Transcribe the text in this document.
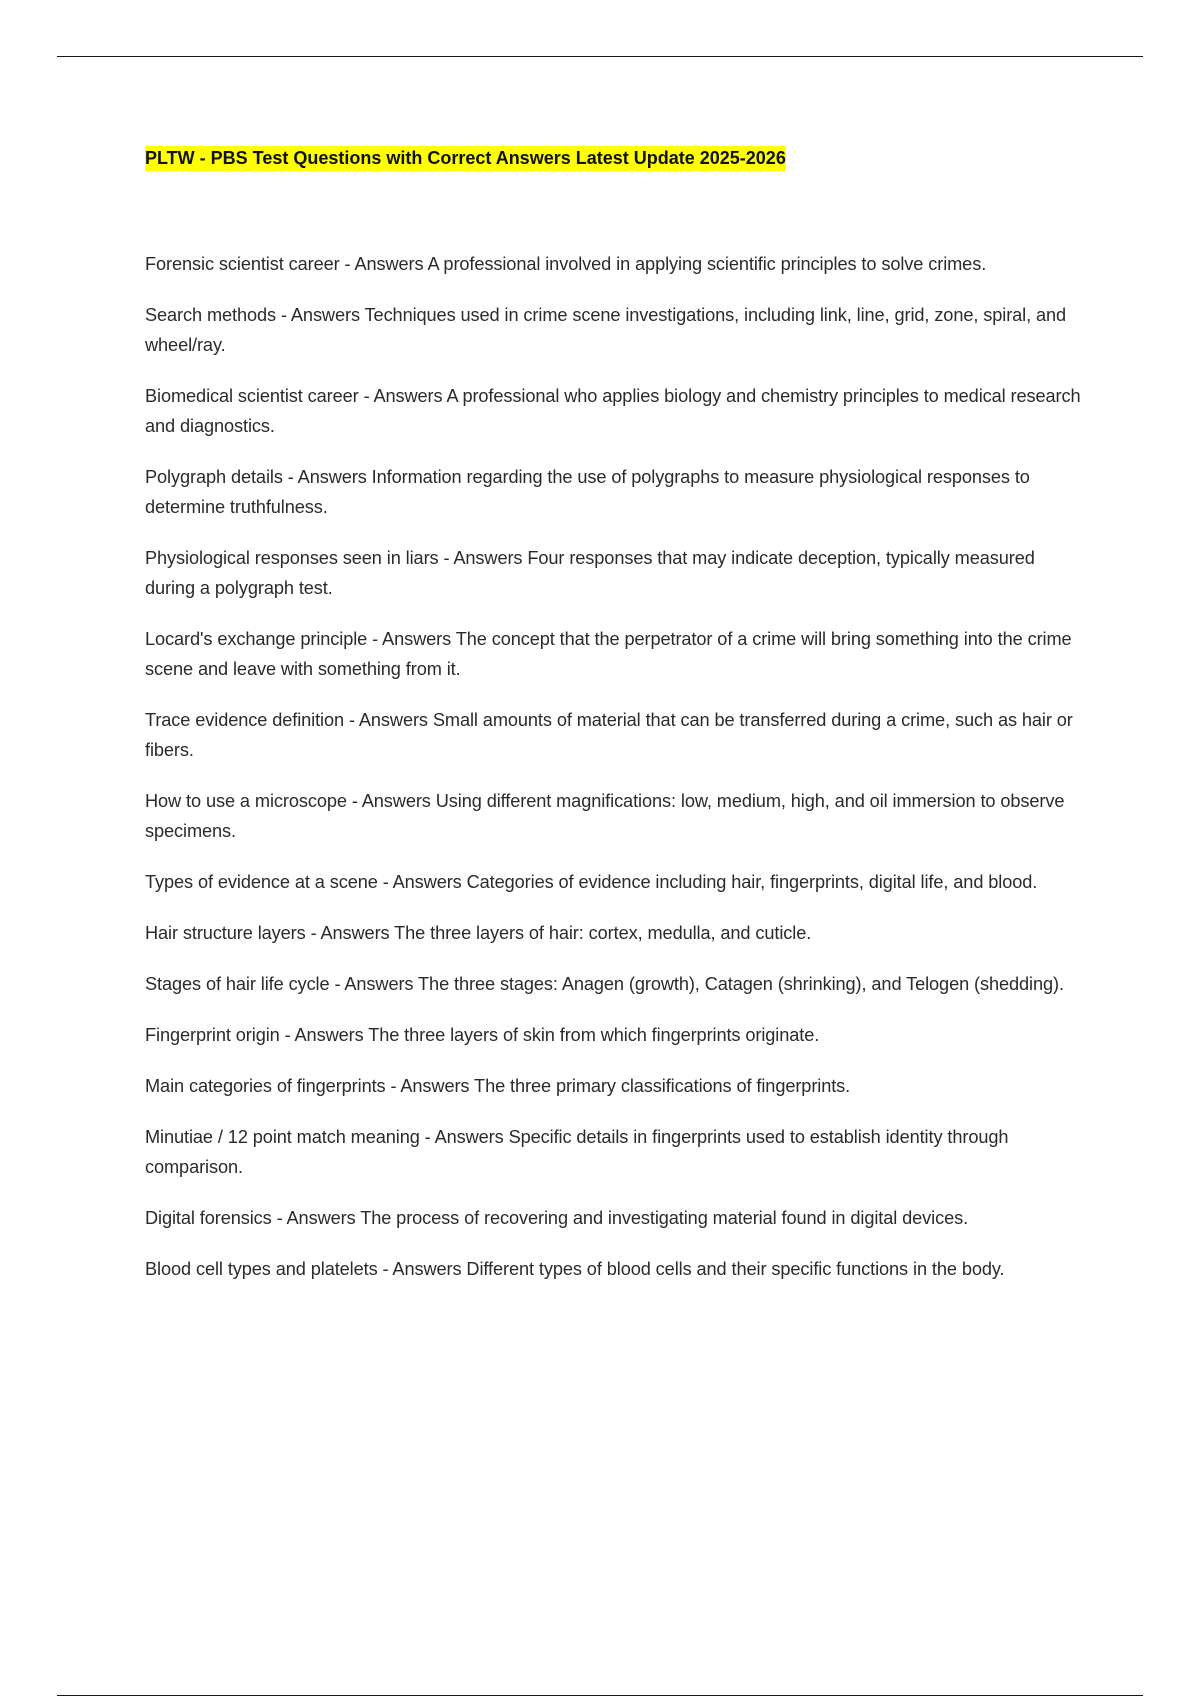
PLTW - PBS Test Questions with Correct Answers Latest Update 2025-2026
Forensic scientist career - Answers A professional involved in applying scientific principles to solve crimes.
Search methods - Answers Techniques used in crime scene investigations, including link, line, grid, zone, spiral, and wheel/ray.
Biomedical scientist career - Answers A professional who applies biology and chemistry principles to medical research and diagnostics.
Polygraph details - Answers Information regarding the use of polygraphs to measure physiological responses to determine truthfulness.
Physiological responses seen in liars - Answers Four responses that may indicate deception, typically measured during a polygraph test.
Locard's exchange principle - Answers The concept that the perpetrator of a crime will bring something into the crime scene and leave with something from it.
Trace evidence definition - Answers Small amounts of material that can be transferred during a crime, such as hair or fibers.
How to use a microscope - Answers Using different magnifications: low, medium, high, and oil immersion to observe specimens.
Types of evidence at a scene - Answers Categories of evidence including hair, fingerprints, digital life, and blood.
Hair structure layers - Answers The three layers of hair: cortex, medulla, and cuticle.
Stages of hair life cycle - Answers The three stages: Anagen (growth), Catagen (shrinking), and Telogen (shedding).
Fingerprint origin - Answers The three layers of skin from which fingerprints originate.
Main categories of fingerprints - Answers The three primary classifications of fingerprints.
Minutiae / 12 point match meaning - Answers Specific details in fingerprints used to establish identity through comparison.
Digital forensics - Answers The process of recovering and investigating material found in digital devices.
Blood cell types and platelets - Answers Different types of blood cells and their specific functions in the body.
